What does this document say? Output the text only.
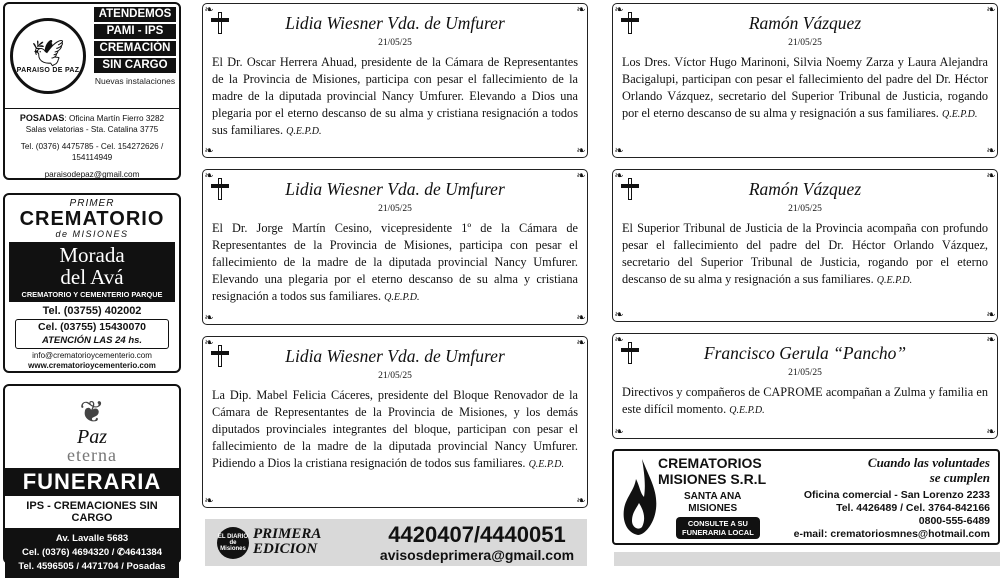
🕊
PARAISO DE PAZ
ATENDEMOS
PAMI - IPS
CREMACIÓN
SIN CARGO
Nuevas instalaciones
POSADAS: Oficina Martín Fierro 3282
Salas velatorias - Sta. Catalina 3775
Tel. (0376) 4475785 - Cel. 154272626 / 154114949
paraisodepaz@gmail.com
PRIMER
CREMATORIO
de MISIONES
Morada
del Avá
CREMATORIO Y CEMENTERIO PARQUE
Tel. (03755) 402002
Cel. (03755) 15430070
ATENCIÓN LAS 24 hs.
info@crematorioycementerio.com
www.crematorioycementerio.com
❦
Paz
eterna
FUNERARIA
IPS - CREMACIONES SIN CARGO
Av. Lavalle 5683
Cel. (0376) 4694320 / ✆4641384
Tel. 4596505 / 4471704 / Posadas
❧	❧
❧	❧
Lidia Wiesner Vda. de Umfurer
21/05/25
El Dr. Oscar Herrera Ahuad, presidente de la Cámara de Representantes de la Provincia de Misiones, participa con pesar el fallecimiento de la madre de la diputada provincial Nancy Umfurer. Elevando a Dios una plegaria por el eterno descanso de su alma y cristiana resignación a todos sus familiares. Q.E.P.D.
❧	❧
❧	❧
Lidia Wiesner Vda. de Umfurer
21/05/25
El Dr. Jorge Martín Cesino, vicepresidente 1º de la Cámara de Representantes de la Provincia de Misiones, participa con pesar el fallecimiento de la madre de la diputada provincial Nancy Umfurer. Elevando una plegaria por el eterno descanso de su alma y cristiana resignación a todos sus familiares. Q.E.P.D.
❧	❧
❧	❧
Lidia Wiesner Vda. de Umfurer
21/05/25
La Dip. Mabel Felicia Cáceres, presidente del Bloque Renovador de la Cámara de Representantes de la Provincia de Misiones, y los demás diputados provinciales integrantes del bloque, participan con pesar el fallecimiento de la madre de la diputada provincial Nancy Umfurer. Pidiendo a Dios la cristiana resignación de todos sus familiares. Q.E.P.D.
❧	❧
❧	❧
Ramón Vázquez
21/05/25
Los Dres. Víctor Hugo Marinoni, Silvia Noemy Zarza y Laura Alejandra Bacigalupi, participan con pesar el fallecimiento del padre del Dr. Héctor Orlando Vázquez, secretario del Superior Tribunal de Justicia, rogando por el eterno descanso de su alma y resignación a sus familiares. Q.E.P.D.
❧	❧
❧	❧
Ramón Vázquez
21/05/25
El Superior Tribunal de Justicia de la Provincia acompaña con profundo pesar el fallecimiento del padre del Dr. Héctor Orlando Vázquez, secretario del Superior Tribunal de Justicia, rogando por el eterno descanso de su alma y resignación a sus familiares. Q.E.P.D.
❧	❧
❧	❧
Francisco Gerula “Pancho”
21/05/25
Directivos y compañeros de CAPROME acompañan a Zulma y familia en este difícil momento. Q.E.P.D.
EL DIARIO de Misiones
PRIMERA
EDICION
4420407/4440051
avisosdeprimera@gmail.com
CREMATORIOS
MISIONES S.R.L
SANTA ANA
MISIONES
CONSULTE A SU
FUNERARIA LOCAL
Cuando las voluntades
se cumplen
Oficina comercial - San Lorenzo 2233
Tel. 4426489 / Cel. 3764-842166
0800-555-6489
e-mail: crematoriosmnes@hotmail.com
